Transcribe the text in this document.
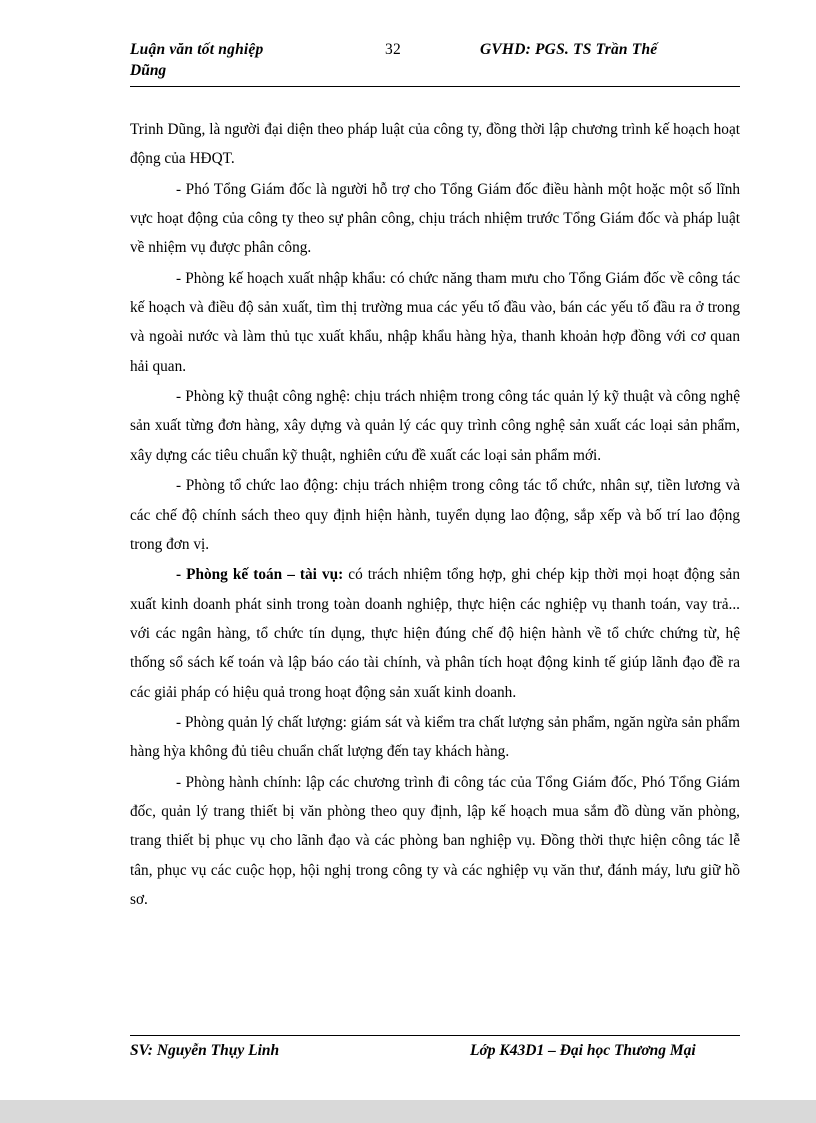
Luận văn tốt nghiệp	32	GVHD: PGS. TS Trần Thế
Dũng

Trinh Dũng, là người đại diện theo pháp luật của công ty, đồng thời lập chương trình kế hoạch hoạt động của HĐQT.

- Phó Tổng Giám đốc là người hỗ trợ cho Tổng Giám đốc điều hành một hoặc một số lĩnh vực hoạt động của công ty theo sự phân công, chịu trách nhiệm trước Tổng Giám đốc và pháp luật về nhiệm vụ được phân công.

- Phòng kế hoạch xuất nhập khẩu: có chức năng tham mưu cho Tổng Giám đốc về công tác kế hoạch và điều độ sản xuất, tìm thị trường mua các yếu tố đầu vào, bán các yếu tố đầu ra ở trong và ngoài nước và làm thủ tục xuất khẩu, nhập khẩu hàng hỳa, thanh khoản hợp đồng với cơ quan hải quan.

- Phòng kỹ thuật công nghệ: chịu trách nhiệm trong công tác quản lý kỹ thuật và công nghệ sản xuất từng đơn hàng, xây dựng và quản lý các quy trình công nghệ sản xuất các loại sản phẩm, xây dựng các tiêu chuẩn kỹ thuật, nghiên cứu đề xuất các loại sản phẩm mới.

- Phòng tổ chức lao động: chịu trách nhiệm trong công tác tổ chức, nhân sự, tiền lương và các chế độ chính sách theo quy định hiện hành, tuyển dụng lao động, sắp xếp và bố trí lao động trong đơn vị.

- Phòng kế toán – tài vụ: có trách nhiệm tổng hợp, ghi chép kịp thời mọi hoạt động sản xuất kinh doanh phát sinh trong toàn doanh nghiệp, thực hiện các nghiệp vụ thanh toán, vay trả... với các ngân hàng, tổ chức tín dụng, thực hiện đúng chế độ hiện hành về tổ chức chứng từ, hệ thống sổ sách kế toán và lập báo cáo tài chính, và phân tích hoạt động kinh tế giúp lãnh đạo đề ra các giải pháp có hiệu quả trong hoạt động sản xuất kinh doanh.

- Phòng quản lý chất lượng: giám sát và kiểm tra chất lượng sản phẩm, ngăn ngừa sản phẩm hàng hỳa không đủ tiêu chuẩn chất lượng đến tay khách hàng.

- Phòng hành chính: lập các chương trình đi công tác của Tổng Giám đốc, Phó Tổng Giám đốc, quản lý trang thiết bị văn phòng theo quy định, lập kế hoạch mua sắm đồ dùng văn phòng, trang thiết bị phục vụ cho lãnh đạo và các phòng ban nghiệp vụ. Đồng thời thực hiện công tác lễ tân, phục vụ các cuộc họp, hội nghị trong công ty và các nghiệp vụ văn thư, đánh máy, lưu giữ hồ sơ.

SV: Nguyễn Thụy Linh	Lớp K43D1 – Đại học Thương Mại
